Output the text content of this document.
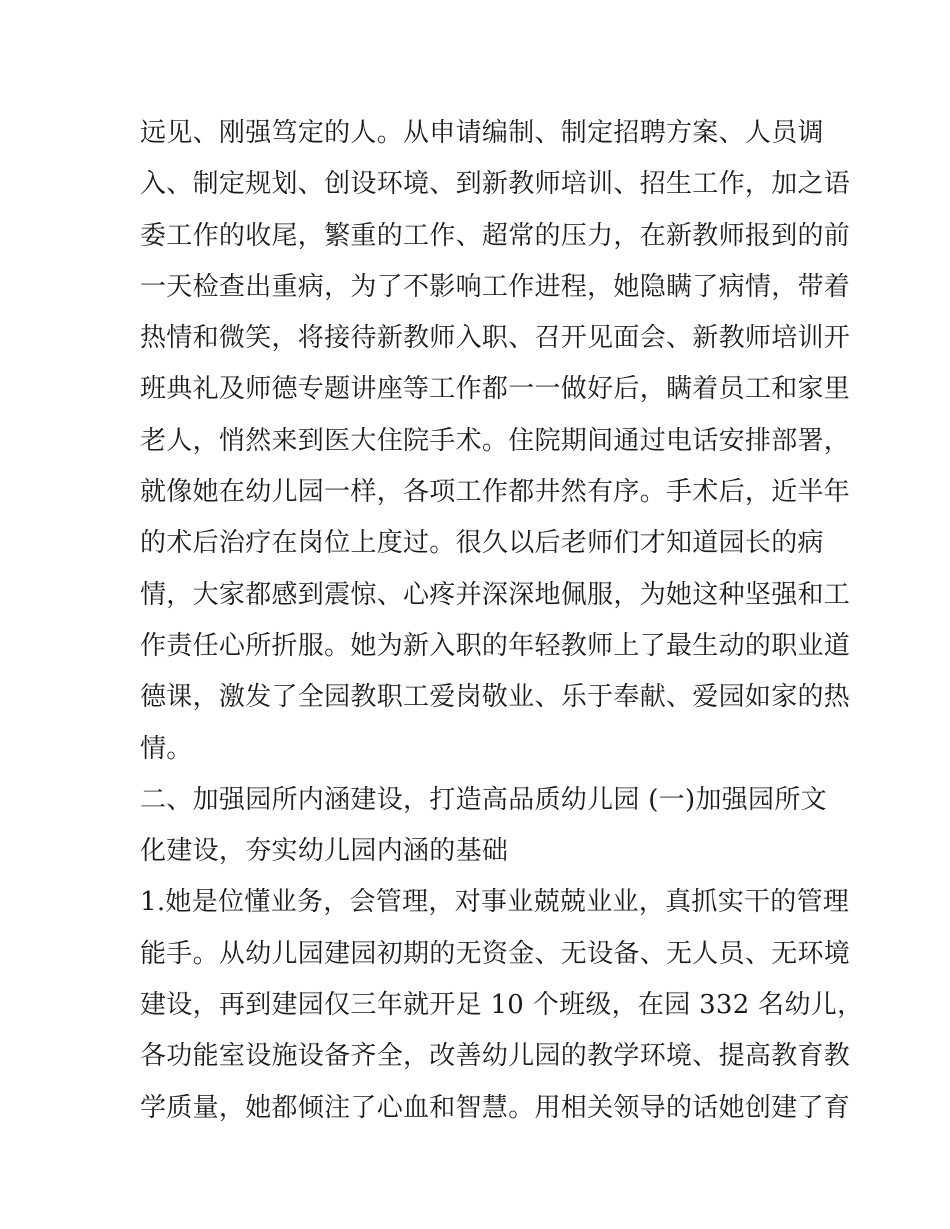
远见、刚强笃定的人。从申请编制、制定招聘方案、人员调
入、制定规划、创设环境、到新教师培训、招生工作，加之语
委工作的收尾，繁重的工作、超常的压力，在新教师报到的前
一天检查出重病，为了不影响工作进程，她隐瞒了病情，带着
热情和微笑，将接待新教师入职、召开见面会、新教师培训开
班典礼及师德专题讲座等工作都一一做好后，瞒着员工和家里
老人，悄然来到医大住院手术。住院期间通过电话安排部署，
就像她在幼儿园一样，各项工作都井然有序。手术后，近半年
的术后治疗在岗位上度过。很久以后老师们才知道园长的病
情，大家都感到震惊、心疼并深深地佩服，为她这种坚强和工
作责任心所折服。她为新入职的年轻教师上了最生动的职业道
德课，激发了全园教职工爱岗敬业、乐于奉献、爱园如家的热
情。
二、加强园所内涵建设，打造高品质幼儿园 (一)加强园所文
化建设，夯实幼儿园内涵的基础
1.她是位懂业务，会管理，对事业兢兢业业，真抓实干的管理
能手。从幼儿园建园初期的无资金、无设备、无人员、无环境
建设，再到建园仅三年就开足 10 个班级，在园 332 名幼儿，
各功能室设施设备齐全，改善幼儿园的教学环境、提高教育教
学质量，她都倾注了心血和智慧。用相关领导的话她创建了育
